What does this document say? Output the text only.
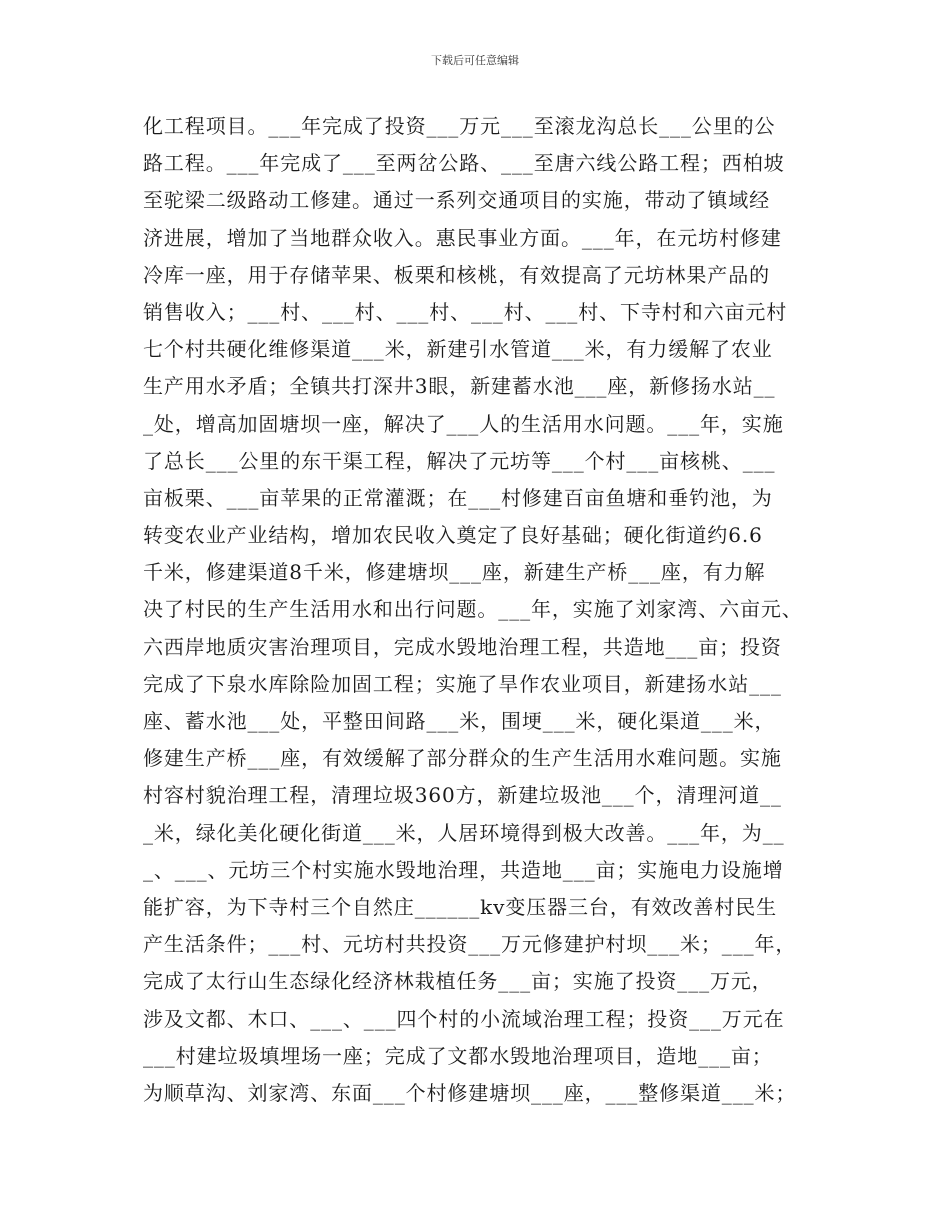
下载后可任意编辑
化工程项目。___年完成了投资___万元___至滚龙沟总长___公里的公
路工程。___年完成了___至两岔公路、___至唐六线公路工程；西柏坡
至驼梁二级路动工修建。通过一系列交通项目的实施，带动了镇域经
济进展，增加了当地群众收入。惠民事业方面。___年，在元坊村修建
冷库一座，用于存储苹果、板栗和核桃，有效提高了元坊林果产品的
销售收入；___村、___村、___村、___村、___村、下寺村和六亩元村
七个村共硬化维修渠道___米，新建引水管道___米，有力缓解了农业
生产用水矛盾；全镇共打深井3眼，新建蓄水池___座，新修扬水站__
_处，增高加固塘坝一座，解决了___人的生活用水问题。___年，实施
了总长___公里的东干渠工程，解决了元坊等___个村___亩核桃、___
亩板栗、___亩苹果的正常灌溉；在___村修建百亩鱼塘和垂钓池，为
转变农业产业结构，增加农民收入奠定了良好基础；硬化街道约6.6
千米，修建渠道8千米，修建塘坝___座，新建生产桥___座，有力解
决了村民的生产生活用水和出行问题。___年，实施了刘家湾、六亩元、
六西岸地质灾害治理项目，完成水毁地治理工程，共造地___亩；投资
完成了下泉水库除险加固工程；实施了旱作农业项目，新建扬水站___
座、蓄水池___处，平整田间路___米，围埂___米，硬化渠道___米，
修建生产桥___座，有效缓解了部分群众的生产生活用水难问题。实施
村容村貌治理工程，清理垃圾360方，新建垃圾池___个，清理河道__
_米，绿化美化硬化街道___米，人居环境得到极大改善。___年，为__
_、___、元坊三个村实施水毁地治理，共造地___亩；实施电力设施增
能扩容，为下寺村三个自然庄______kv变压器三台，有效改善村民生
产生活条件；___村、元坊村共投资___万元修建护村坝___米；___年，
完成了太行山生态绿化经济林栽植任务___亩；实施了投资___万元，
涉及文都、木口、___、___四个村的小流域治理工程；投资___万元在
___村建垃圾填埋场一座；完成了文都水毁地治理项目，造地___亩；
为顺草沟、刘家湾、东面___个村修建塘坝___座，___整修渠道___米；
